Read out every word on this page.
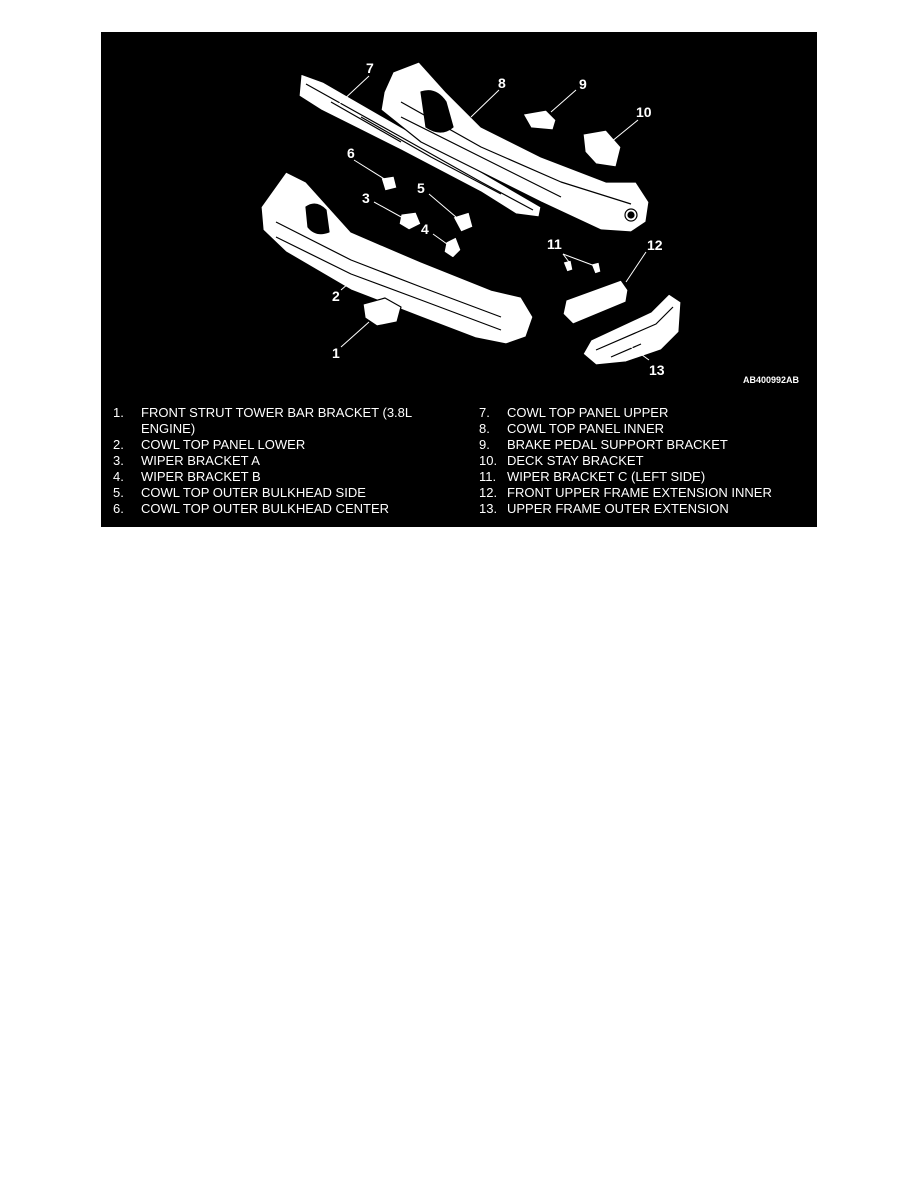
7
8	9
10
6
5
3
4
11	12
2
1
13
AB400992AB
1.	FRONT STRUT TOWER BAR BRACKET (3.8L ENGINE)
2.	COWL TOP PANEL LOWER
3.	WIPER BRACKET A
4.	WIPER BRACKET B
5.	COWL TOP OUTER BULKHEAD SIDE
6.	COWL TOP OUTER BULKHEAD CENTER
7.	COWL TOP PANEL UPPER
8.	COWL TOP PANEL INNER
9.	BRAKE PEDAL SUPPORT BRACKET
10. DECK STAY BRACKET
11. WIPER BRACKET C (LEFT SIDE)
12. FRONT UPPER FRAME EXTENSION INNER
13. UPPER FRAME OUTER EXTENSION
